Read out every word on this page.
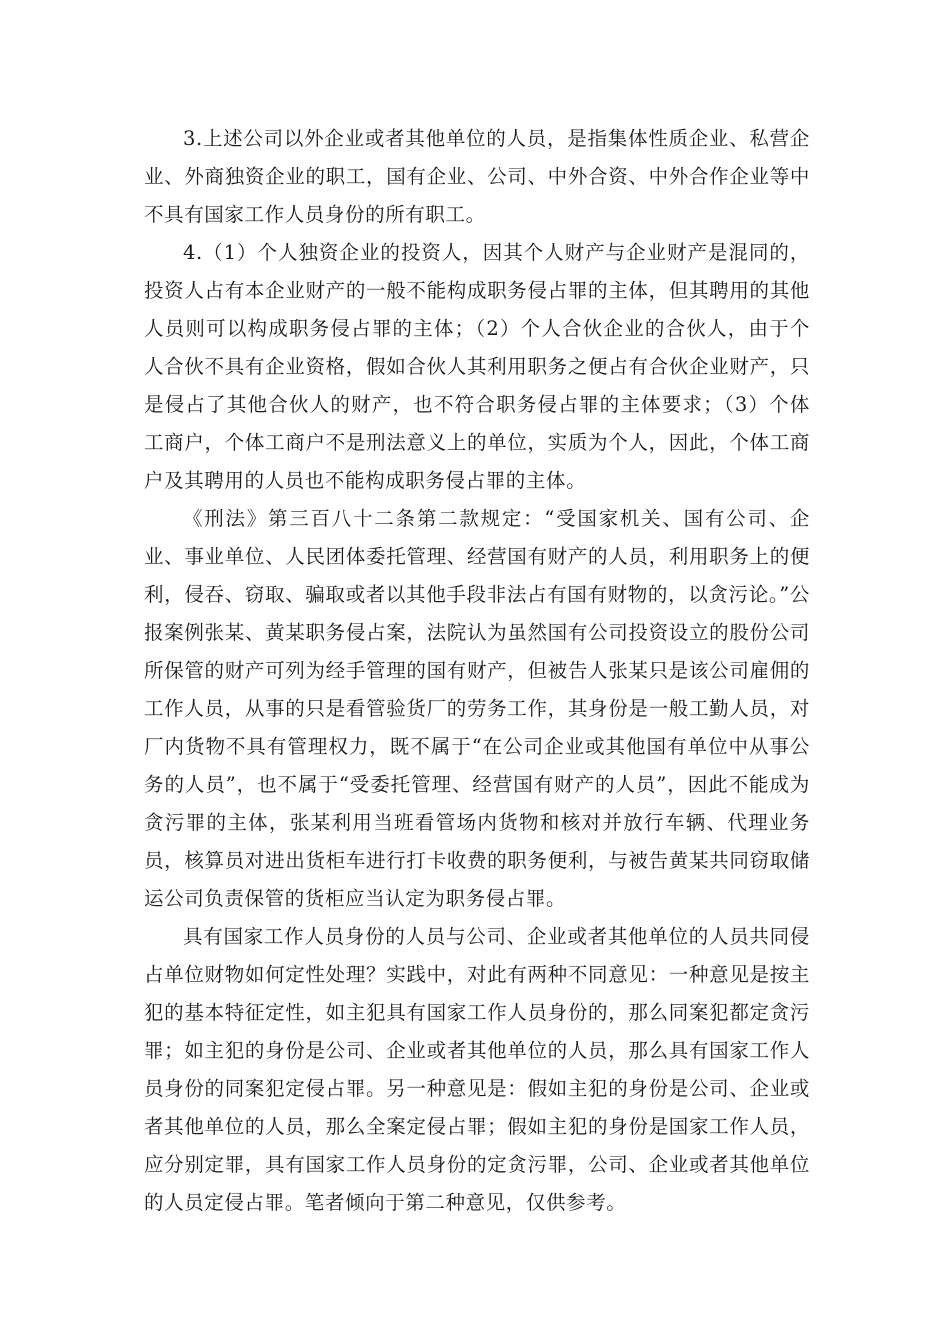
3.上述公司以外企业或者其他单位的人员，是指集体性质企业、私营企业、外商独资企业的职工，国有企业、公司、中外合资、中外合作企业等中不具有国家工作人员身份的所有职工。

4.（1）个人独资企业的投资人，因其个人财产与企业财产是混同的，投资人占有本企业财产的一般不能构成职务侵占罪的主体，但其聘用的其他人员则可以构成职务侵占罪的主体；（2）个人合伙企业的合伙人，由于个人合伙不具有企业资格，假如合伙人其利用职务之便占有合伙企业财产，只是侵占了其他合伙人的财产，也不符合职务侵占罪的主体要求；（3）个体工商户，个体工商户不是刑法意义上的单位，实质为个人，因此，个体工商户及其聘用的人员也不能构成职务侵占罪的主体。

《刑法》第三百八十二条第二款规定：“受国家机关、国有公司、企业、事业单位、人民团体委托管理、经营国有财产的人员，利用职务上的便利，侵吞、窃取、骗取或者以其他手段非法占有国有财物的，以贪污论。”公报案例张某、黄某职务侵占案，法院认为虽然国有公司投资设立的股份公司所保管的财产可列为经手管理的国有财产，但被告人张某只是该公司雇佣的工作人员，从事的只是看管验货厂的劳务工作，其身份是一般工勤人员，对厂内货物不具有管理权力，既不属于“在公司企业或其他国有单位中从事公务的人员”，也不属于“受委托管理、经营国有财产的人员”，因此不能成为贪污罪的主体，张某利用当班看管场内货物和核对并放行车辆、代理业务员，核算员对进出货柜车进行打卡收费的职务便利，与被告黄某共同窃取储运公司负责保管的货柜应当认定为职务侵占罪。

具有国家工作人员身份的人员与公司、企业或者其他单位的人员共同侵占单位财物如何定性处理？实践中，对此有两种不同意见：一种意见是按主犯的基本特征定性，如主犯具有国家工作人员身份的，那么同案犯都定贪污罪；如主犯的身份是公司、企业或者其他单位的人员，那么具有国家工作人员身份的同案犯定侵占罪。另一种意见是：假如主犯的身份是公司、企业或者其他单位的人员，那么全案定侵占罪；假如主犯的身份是国家工作人员，应分别定罪，具有国家工作人员身份的定贪污罪，公司、企业或者其他单位的人员定侵占罪。笔者倾向于第二种意见，仅供参考。
